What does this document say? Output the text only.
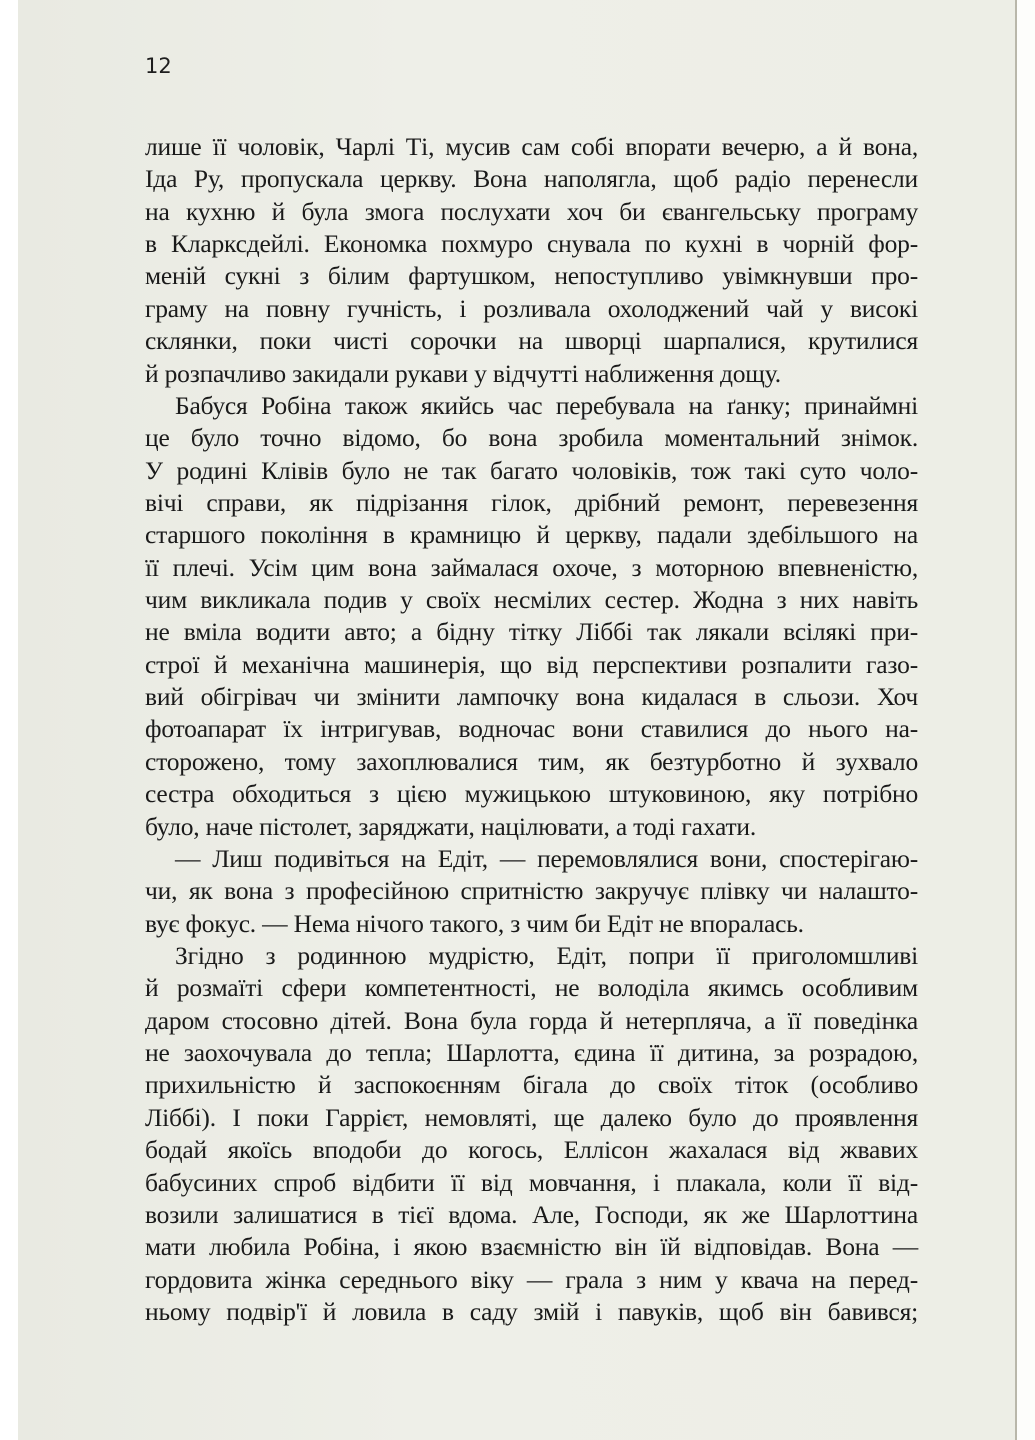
12

лише її чоловік, Чарлі Ті, мусив сам собі впорати вечерю, а й вона,
Іда Ру, пропускала церкву. Вона наполягла, щоб радіо перенесли
на кухню й була змога послухати хоч би євангельську програму
в Кларксдейлі. Економка похмуро снувала по кухні в чорній фор-
меній сукні з білим фартушком, непоступливо увімкнувши про-
граму на повну гучність, і розливала охолоджений чай у високі
склянки, поки чисті сорочки на шворці шарпалися, крутилися
й розпачливо закидали рукави у відчутті наближення дощу.
Бабуся Робіна також якийсь час перебувала на ґанку; принаймні
це було точно відомо, бо вона зробила моментальний знімок.
У родині Клівів було не так багато чоловіків, тож такі суто чоло-
вічі справи, як підрізання гілок, дрібний ремонт, перевезення
старшого покоління в крамницю й церкву, падали здебільшого на
її плечі. Усім цим вона займалася охоче, з моторною впевненістю,
чим викликала подив у своїх несмілих сестер. Жодна з них навіть
не вміла водити авто; а бідну тітку Ліббі так лякали всілякі при-
строї й механічна машинерія, що від перспективи розпалити газо-
вий обігрівач чи змінити лампочку вона кидалася в сльози. Хоч
фотоапарат їх інтригував, водночас вони ставилися до нього на-
сторожено, тому захоплювалися тим, як безтурботно й зухвало
сестра обходиться з цією мужицькою штуковиною, яку потрібно
було, наче пістолет, заряджати, націлювати, а тоді гахати.
— Лиш подивіться на Едіт, — перемовлялися вони, спостерігаю-
чи, як вона з професійною спритністю закручує плівку чи налашто-
вує фокус. — Нема нічого такого, з чим би Едіт не впоралась.
Згідно з родинною мудрістю, Едіт, попри її приголомшливі
й розмаїті сфери компетентності, не володіла якимсь особливим
даром стосовно дітей. Вона була горда й нетерпляча, а її поведінка
не заохочувала до тепла; Шарлотта, єдина її дитина, за розрадою,
прихильністю й заспокоєнням бігала до своїх тіток (особливо
Ліббі). І поки Гаррієт, немовляті, ще далеко було до проявлення
бодай якоїсь вподоби до когось, Еллісон жахалася від жвавих
бабусиних спроб відбити її від мовчання, і плакала, коли її від-
возили залишатися в тієї вдома. Але, Господи, як же Шарлоттина
мати любила Робіна, і якою взаємністю він їй відповідав. Вона —
гордовита жінка середнього віку — грала з ним у квача на перед-
ньому подвір'ї й ловила в саду змій і павуків, щоб він бавився;
